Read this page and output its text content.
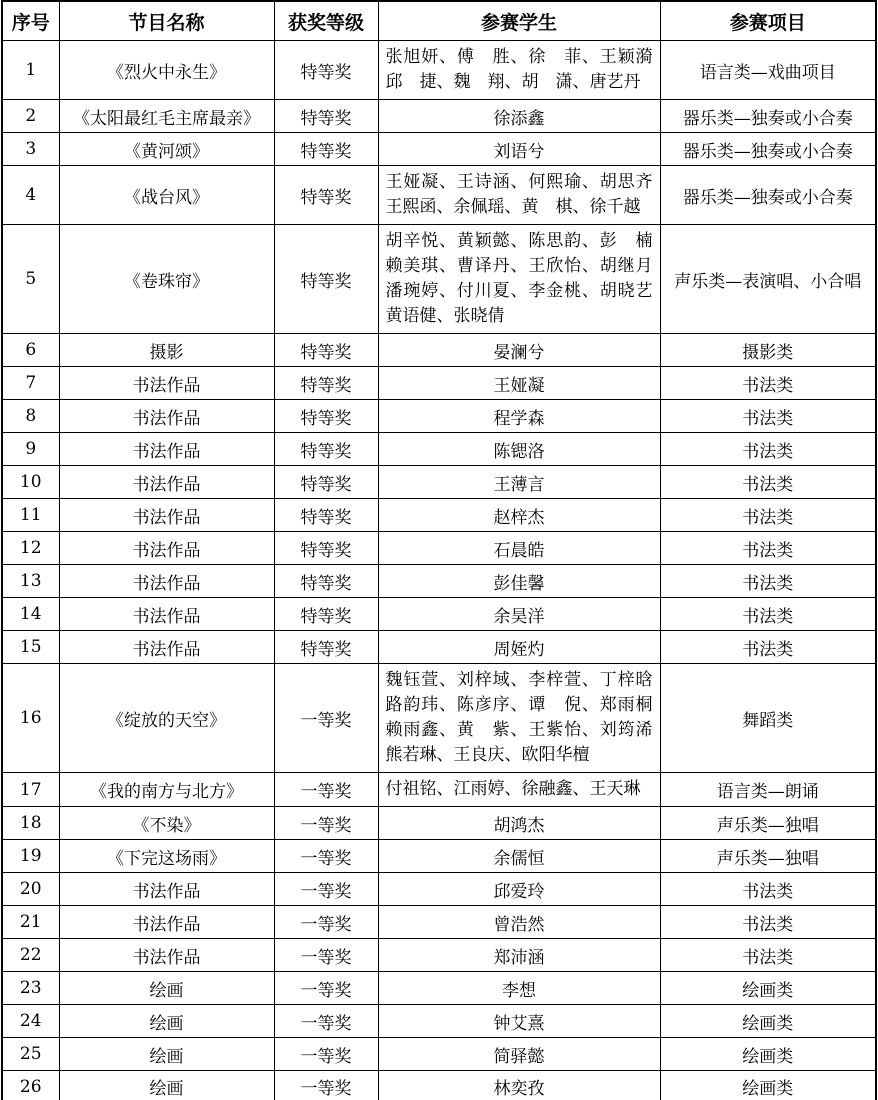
序号	节目名称	获奖等级	参赛学生	参赛项目
1	《烈火中永生》	特等奖	张旭妍、傅　胜、徐　菲、王颖漪
邱　捷、魏　翔、胡　潇、唐艺丹	语言类—戏曲项目
2	《太阳最红毛主席最亲》	特等奖	徐添鑫	器乐类—独奏或小合奏
3	《黄河颂》	特等奖	刘语兮	器乐类—独奏或小合奏
4	《战台风》	特等奖	王娅凝、王诗涵、何熙瑜、胡思齐
王熙函、余佩瑶、黄　棋、徐千越	器乐类—独奏或小合奏
5	《卷珠帘》	特等奖	胡辛悦、黄颖懿、陈思韵、彭　楠
赖美琪、曹译丹、王欣怡、胡继月
潘琬婷、付川夏、李金桃、胡晓艺
黄语健、张晓倩	声乐类—表演唱、小合唱
6	摄影	特等奖	晏澜兮	摄影类
7	书法作品	特等奖	王娅凝	书法类
8	书法作品	特等奖	程学森	书法类
9	书法作品	特等奖	陈锶洛	书法类
10	书法作品	特等奖	王薄言	书法类
11	书法作品	特等奖	赵梓杰	书法类
12	书法作品	特等奖	石晨皓	书法类
13	书法作品	特等奖	彭佳馨	书法类
14	书法作品	特等奖	余昊洋	书法类
15	书法作品	特等奖	周姪灼	书法类
16	《绽放的天空》	一等奖	魏钰萱、刘梓域、李梓萱、丁梓晗
路韵玮、陈彦序、谭　倪、郑雨桐
赖雨鑫、黄　紫、王紫怡、刘筠浠
熊若琳、王良庆、欧阳华檀	舞蹈类
17	《我的南方与北方》	一等奖	付祖铭、江雨婷、徐融鑫、王天琳	语言类—朗诵
18	《不染》	一等奖	胡鸿杰	声乐类—独唱
19	《下完这场雨》	一等奖	余儒恒	声乐类—独唱
20	书法作品	一等奖	邱爱玲	书法类
21	书法作品	一等奖	曾浩然	书法类
22	书法作品	一等奖	郑沛涵	书法类
23	绘画	一等奖	李想	绘画类
24	绘画	一等奖	钟艾熹	绘画类
25	绘画	一等奖	简驿懿	绘画类
26	绘画	一等奖	林奕孜	绘画类
